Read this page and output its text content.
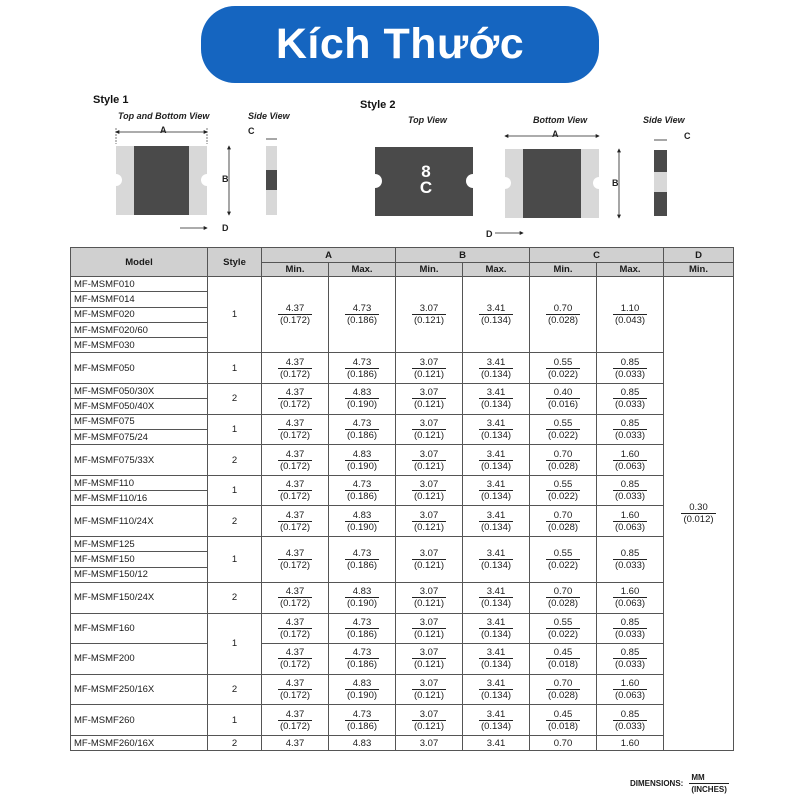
Kích Thước
Style 1
Top and Bottom View	Side View
A
B
C
D
Style 2
Top View	Bottom View	Side View
A
B
C
D
8
C
Model	Style	A		B		C		D
		Min.	Max.	Min.	Max.	Min.	Max.	Min.
MF-MSMF010	1	$\frac{4.37}{(0.172)}$	$\frac{4.73}{(0.186)}$	$\frac{3.07}{(0.121)}$	$\frac{3.41}{(0.134)}$	$\frac{0.70}{(0.028)}$	$\frac{1.10}{(0.043)}$	$\frac{0.30}{(0.012)}$

MF-MSMF014								
MF-MSMF020								
MF-MSMF020/60								
MF-MSMF030								
MF-MSMF050	1	$\frac{4.37}{(0.172)}$	$\frac{4.73}{(0.186)}$	$\frac{3.07}{(0.121)}$	$\frac{3.41}{(0.134)}$	$\frac{0.55}{(0.022)}$	$\frac{0.85}{(0.033)}$

MF-MSMF050/30X	2	$\frac{4.37}{(0.172)}$	$\frac{4.83}{(0.190)}$	$\frac{3.07}{(0.121)}$	$\frac{3.41}{(0.134)}$	$\frac{0.40}{(0.016)}$	$\frac{0.85}{(0.033)}$

MF-MSMF050/40X								
MF-MSMF075	1	$\frac{4.37}{(0.172)}$	$\frac{4.73}{(0.186)}$	$\frac{3.07}{(0.121)}$	$\frac{3.41}{(0.134)}$	$\frac{0.55}{(0.022)}$	$\frac{0.85}{(0.033)}$

MF-MSMF075/24								
MF-MSMF075/33X	2	$\frac{4.37}{(0.172)}$	$\frac{4.83}{(0.190)}$	$\frac{3.07}{(0.121)}$	$\frac{3.41}{(0.134)}$	$\frac{0.70}{(0.028)}$	$\frac{1.60}{(0.063)}$

MF-MSMF110	1	$\frac{4.37}{(0.172)}$	$\frac{4.73}{(0.186)}$	$\frac{3.07}{(0.121)}$	$\frac{3.41}{(0.134)}$	$\frac{0.55}{(0.022)}$	$\frac{0.85}{(0.033)}$

MF-MSMF110/16								
MF-MSMF110/24X	2	$\frac{4.37}{(0.172)}$	$\frac{4.83}{(0.190)}$	$\frac{3.07}{(0.121)}$	$\frac{3.41}{(0.134)}$	$\frac{0.70}{(0.028)}$	$\frac{1.60}{(0.063)}$

MF-MSMF125	1	$\frac{4.37}{(0.172)}$	$\frac{4.73}{(0.186)}$	$\frac{3.07}{(0.121)}$	$\frac{3.41}{(0.134)}$	$\frac{0.55}{(0.022)}$	$\frac{0.85}{(0.033)}$

MF-MSMF150								
MF-MSMF150/12								
MF-MSMF150/24X	2	$\frac{4.37}{(0.172)}$	$\frac{4.83}{(0.190)}$	$\frac{3.07}{(0.121)}$	$\frac{3.41}{(0.134)}$	$\frac{0.70}{(0.028)}$	$\frac{1.60}{(0.063)}$

MF-MSMF160	1	$\frac{4.37}{(0.172)}$	$\frac{4.73}{(0.186)}$	$\frac{3.07}{(0.121)}$	$\frac{3.41}{(0.134)}$	$\frac{0.55}{(0.022)}$	$\frac{0.85}{(0.033)}$

MF-MSMF200		$\frac{4.37}{(0.172)}$	$\frac{4.73}{(0.186)}$	$\frac{3.07}{(0.121)}$	$\frac{3.41}{(0.134)}$	$\frac{0.45}{(0.018)}$	$\frac{0.85}{(0.033)}$

MF-MSMF250/16X	2	$\frac{4.37}{(0.172)}$	$\frac{4.83}{(0.190)}$	$\frac{3.07}{(0.121)}$	$\frac{3.41}{(0.134)}$	$\frac{0.70}{(0.028)}$	$\frac{1.60}{(0.063)}$

MF-MSMF260	1	$\frac{4.37}{(0.172)}$	$\frac{4.73}{(0.186)}$	$\frac{3.07}{(0.121)}$	$\frac{3.41}{(0.134)}$	$\frac{0.45}{(0.018)}$	$\frac{0.85}{(0.033)}$

MF-MSMF260/16X	2	4.37	4.83	3.07	3.41	0.70	1.60	
DIMENSIONS: $\frac{MM}{\text{(INCHES)}}$
